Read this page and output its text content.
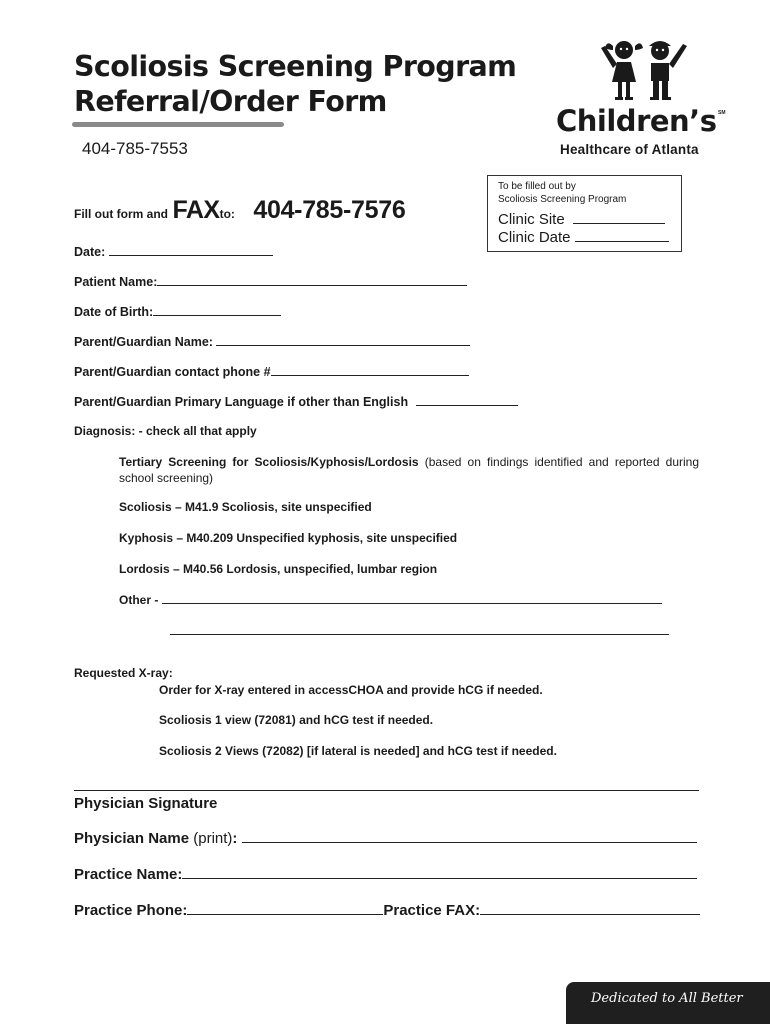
Scoliosis Screening Program
Referral/Order Form
404-785-7553
Children’s SM
Healthcare of Atlanta
Fill out form and FAXto: 404-785-7576
To be filled out by
Scoliosis Screening Program
Clinic Site
Clinic Date
Date:
Patient Name:
Date of Birth:
Parent/Guardian Name:
Parent/Guardian contact phone #
Parent/Guardian Primary Language if other than English
Diagnosis: - check all that apply
Tertiary Screening for Scoliosis/Kyphosis/Lordosis (based on findings identified and reported during school screening)
Scoliosis – M41.9 Scoliosis, site unspecified
Kyphosis – M40.209 Unspecified kyphosis, site unspecified
Lordosis – M40.56 Lordosis, unspecified, lumbar region
Other -
Requested X-ray:
Order for X-ray entered in accessCHOA and provide hCG if needed.
Scoliosis 1 view (72081) and hCG test if needed.
Scoliosis 2 Views (72082) [if lateral is needed] and hCG test if needed.
Physician Signature
Physician Name (print):
Practice Name:
Practice Phone:	Practice FAX:
Dedicated to All Better
